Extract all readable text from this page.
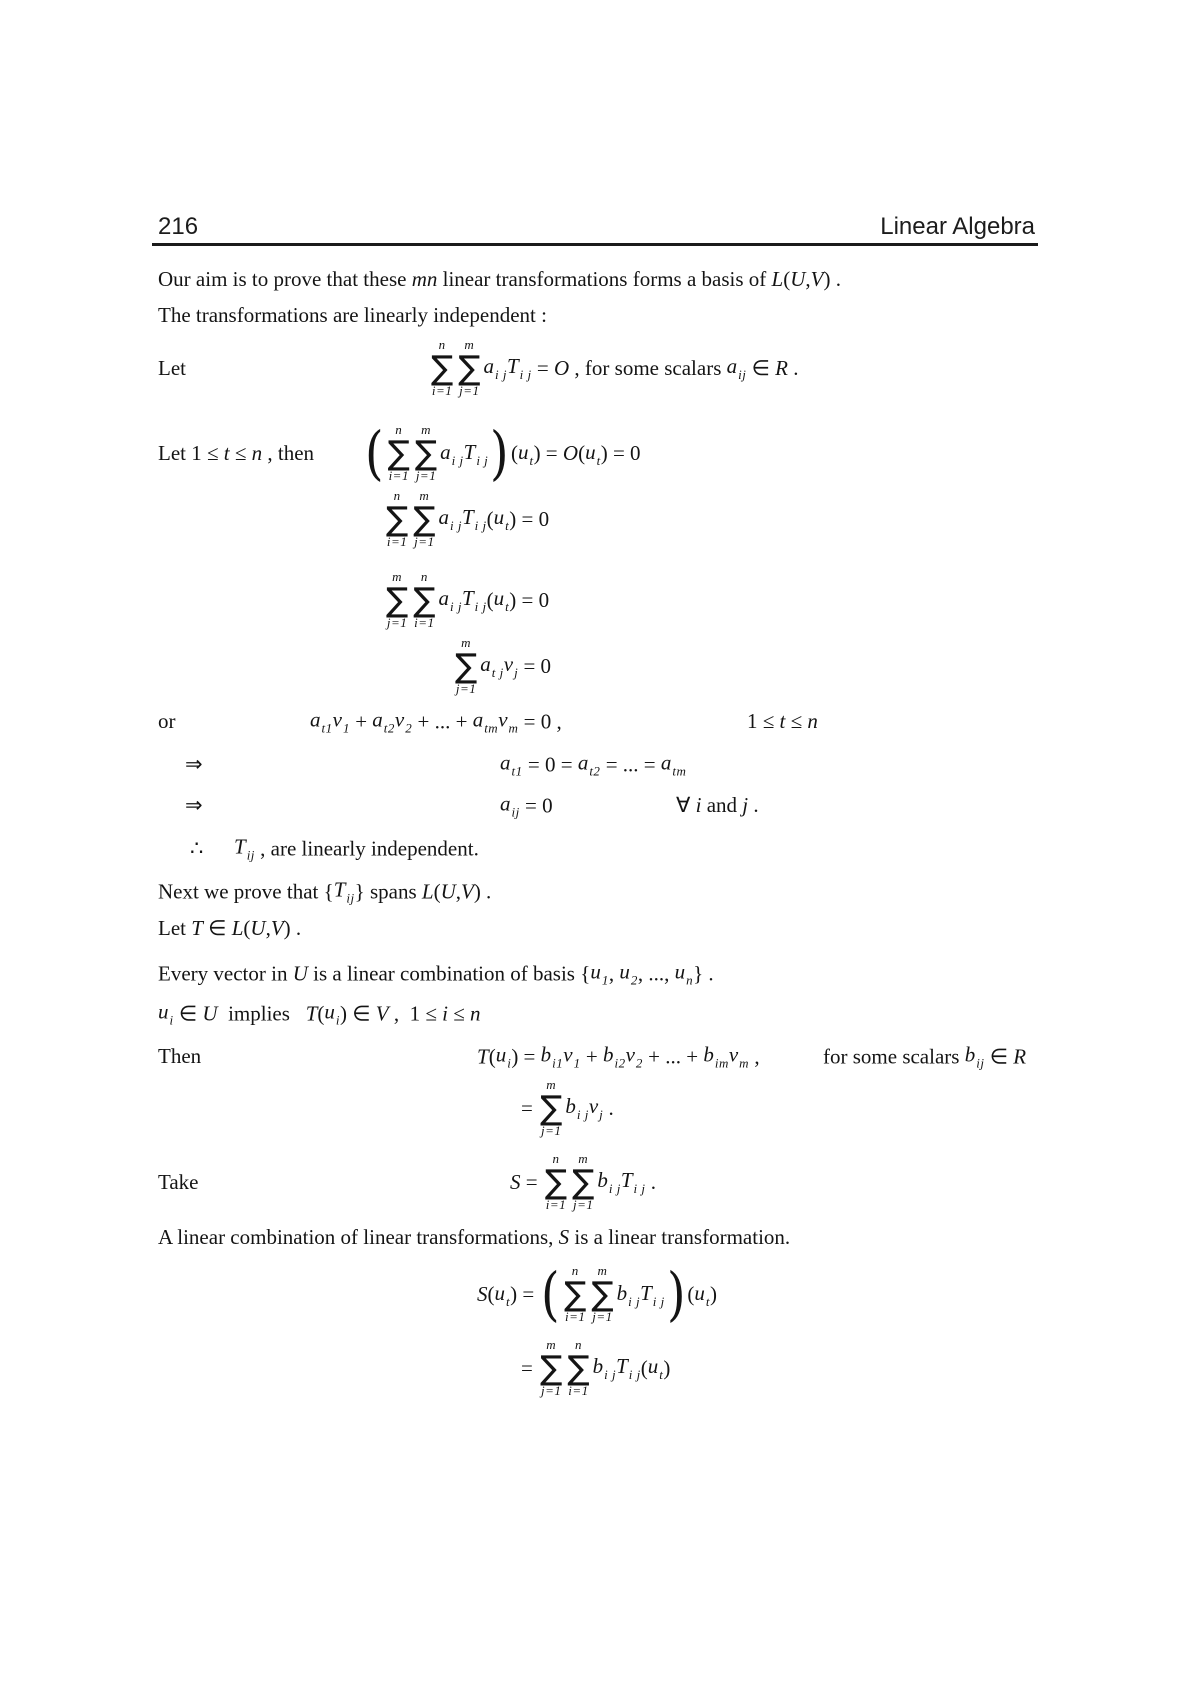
216	Linear Algebra
Our aim is to prove that these mn linear transformations forms a basis of L ( U , V ) .
The transformations are linearly independent :
Let
n
∑
i=1
m
∑
j=1
$a_{i j}$ $T_{i j} = O$ , for some scalars $a_{ij}$ ∈ R .
Let 1 ≤ t ≤ n , then ( n
∑
i=1
m
∑
j=1
$a_{i j}$ $T_{i j}$ ) ( $u_t$ ) = O ( $u_t$ ) = 0
n
∑
i=1
m
∑
j=1
$a_{i j}$ $T_{i j}$ ( $u_t$ ) = 0
m
∑
j=1
n
∑
i=1
$a_{i j}$ $T_{i j}$ ( $u_t$ ) = 0
m
∑
j=1
$a_{t j}$ $v_j = 0$
or	$a_{t1}$ $v_1 + a_{t2}$ $v_2$ + ... + $a_{tm}$ $v_m = 0$ ,	1 ≤ t ≤ n
⇒	$a_{t1} = 0 = a_{t2}$ = ... = $a_{tm}$
⇒	$a_{ij} = 0$	∀ i and j .
∴ $T_{ij}$ , are linearly independent.
Next we prove that { $T_{ij}$ } spans L ( U , V ) .
Let T ∈ L ( U , V ) .
Every vector in U is a linear combination of basis { $u_1$ , $u_2$ , ..., $u_n$ } .
$u_i$ ∈ U implies T ( $u_i$ ) ∈ V ,  1 ≤ i ≤ n
Then	T ( $u_i$ ) = $b_{i1}$ $v_1 + b_{i2}$ $v_2$ + ... + $b_{im}$ $v_m$ ,	for some scalars $b_{ij}$ ∈ R
=
m
∑
j=1
$b_{i j}$ $v_j$ .
Take	S =
n
∑
i=1
m
∑
j=1
$b_{i j}$ $T_{i j}$ .
A linear combination of linear transformations, S is a linear transformation.
S ( $u_t$ ) = ( n
∑
i=1
m
∑
j=1
$b_{i j}$ $T_{i j}$ ) ( $u_t$ )
=
m
∑
j=1
n
∑
i=1
$b_{i j}$ $T_{i j}$ ( $u_t$ )
